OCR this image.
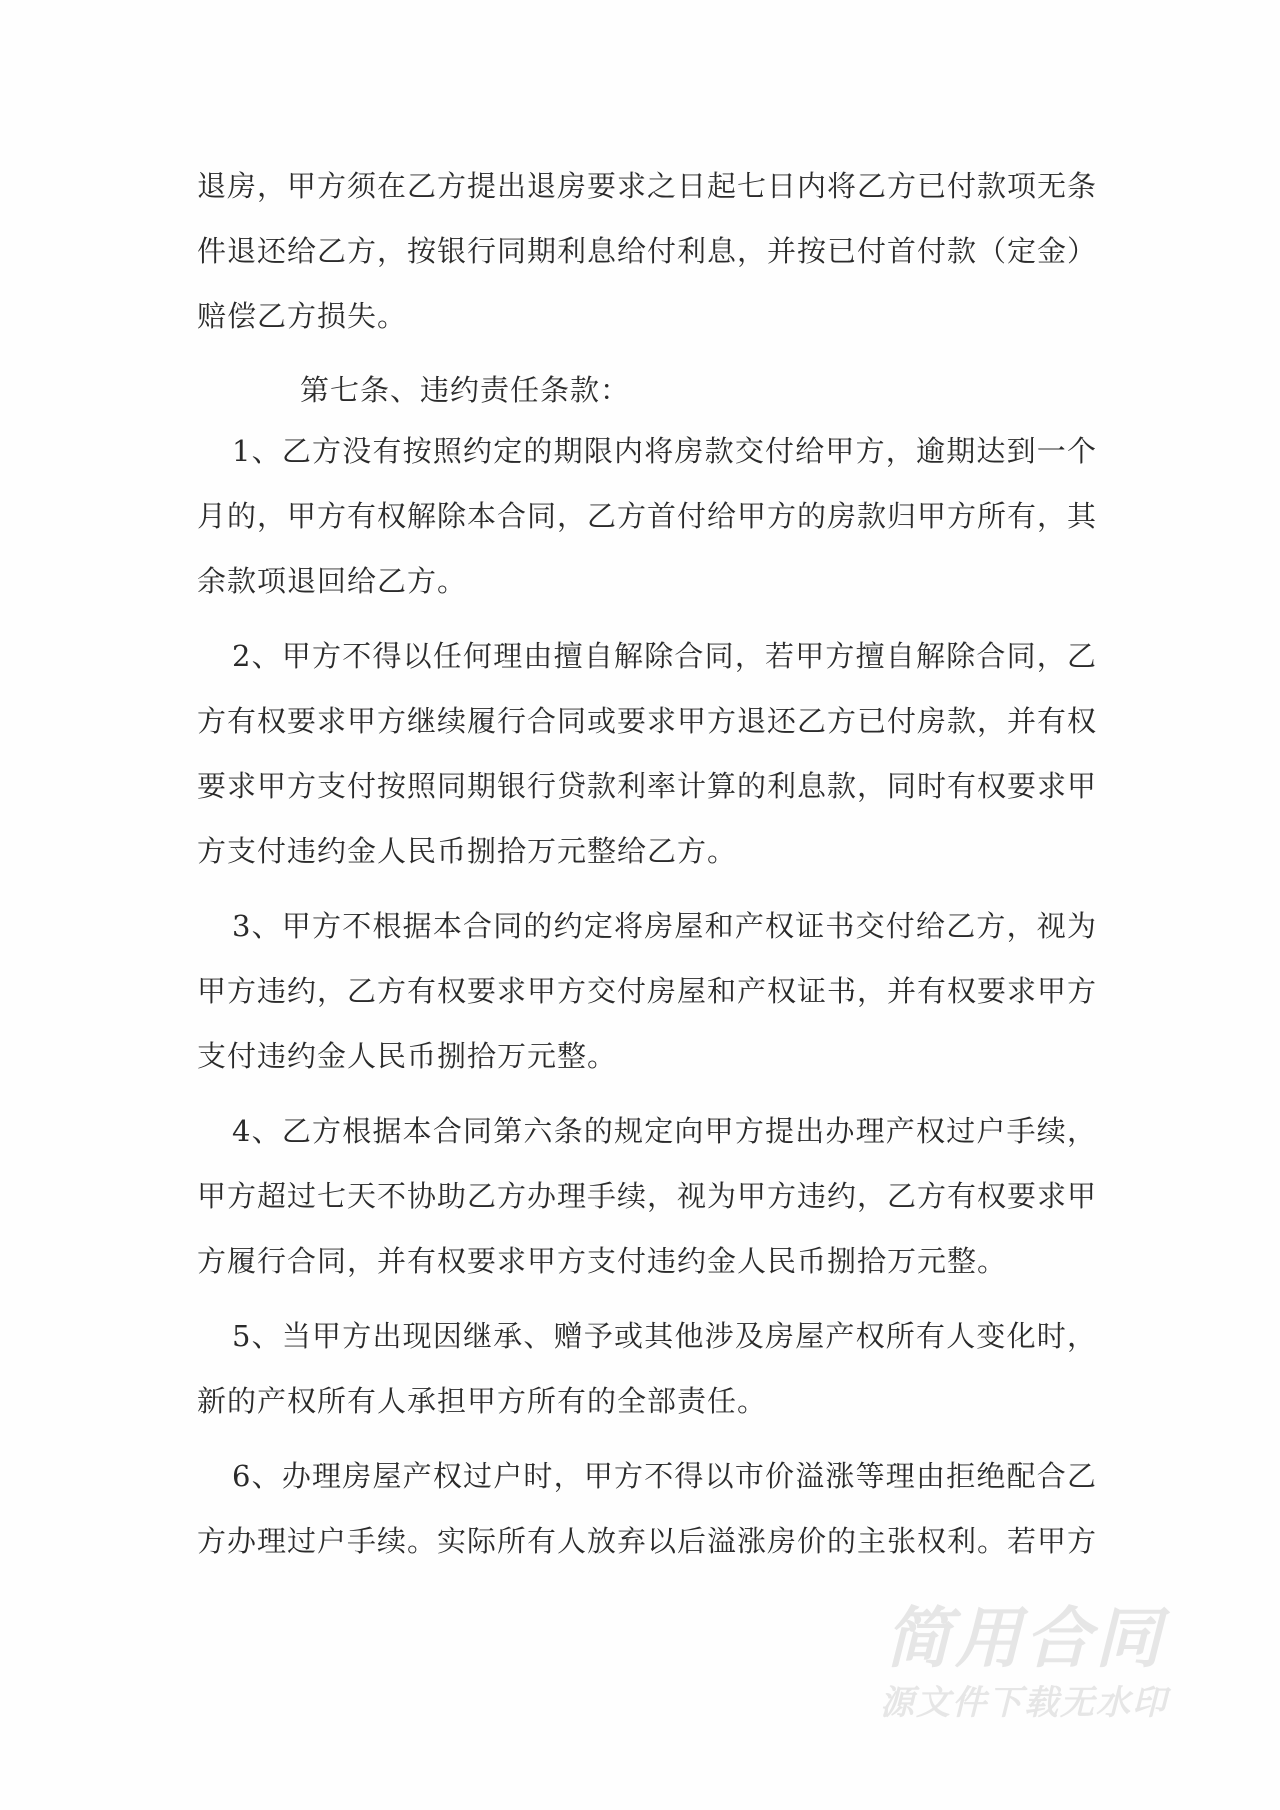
退房，甲方须在乙方提出退房要求之日起七日内将乙方已付款项无条
件退还给乙方，按银行同期利息给付利息，并按已付首付款（定金）
赔偿乙方损失。
第七条、违约责任条款：
1、乙方没有按照约定的期限内将房款交付给甲方，逾期达到一个
月的，甲方有权解除本合同，乙方首付给甲方的房款归甲方所有，其
余款项退回给乙方。
2、甲方不得以任何理由擅自解除合同，若甲方擅自解除合同，乙
方有权要求甲方继续履行合同或要求甲方退还乙方已付房款，并有权
要求甲方支付按照同期银行贷款利率计算的利息款，同时有权要求甲
方支付违约金人民币捌拾万元整给乙方。
3、甲方不根据本合同的约定将房屋和产权证书交付给乙方，视为
甲方违约，乙方有权要求甲方交付房屋和产权证书，并有权要求甲方
支付违约金人民币捌拾万元整。
4、乙方根据本合同第六条的规定向甲方提出办理产权过户手续，
甲方超过七天不协助乙方办理手续，视为甲方违约，乙方有权要求甲
方履行合同，并有权要求甲方支付违约金人民币捌拾万元整。
5、当甲方出现因继承、赠予或其他涉及房屋产权所有人变化时，
新的产权所有人承担甲方所有的全部责任。
6、办理房屋产权过户时，甲方不得以市价溢涨等理由拒绝配合乙
方办理过户手续。实际所有人放弃以后溢涨房价的主张权利。若甲方
简用合同
源文件下载无水印
